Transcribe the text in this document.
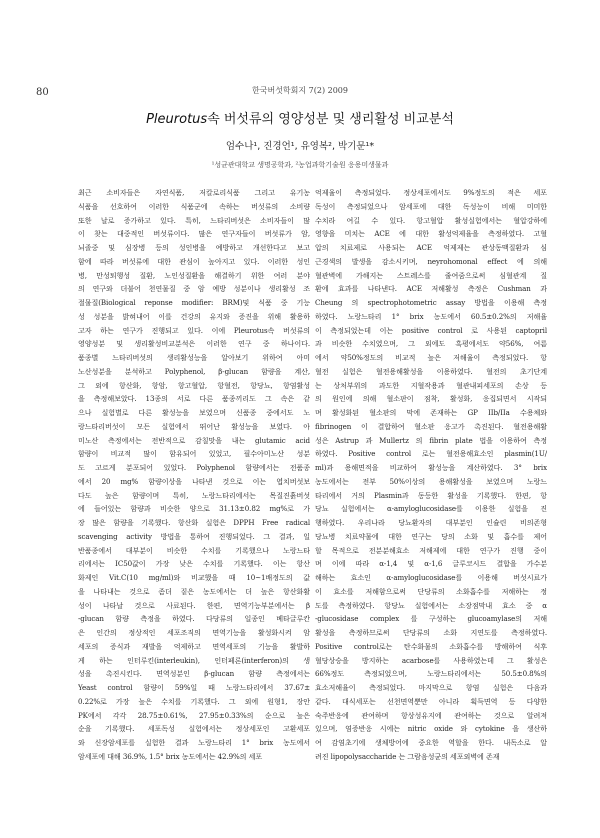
80	한국버섯학회지 7(2) 2009
Pleurotus속 버섯류의 영양성분 및 생리활성 비교분석
엄수나¹, 진경언¹, 유영복², 박기문¹*
¹성균관대학교 생명공학과, ²농업과학기술원 응용미생물과
최근 소비자들은 자연식품, 저칼로리식품 그리고 유기농
식품을 선호하여 이러한 식품군에 속하는 버섯류의 소비량
또한 날로 증가하고 있다. 특히, 느타리버섯은 소비자들이 많
이 찾는 대중적인 버섯류이다. 많은 연구자들이 버섯류가 암,
뇌졸중 및 심장병 등의 성인병을 예방하고 개선한다고 보고
함에 따라 버섯류에 대한 관심이 높아지고 있다. 이러한 성인
병, 만성퇴행성 질환, 노인성질환을 해결하기 위한 여러 분야
의 연구와 더불어 천연물질 중 암 예방 성분이나 생리활성 조
절물질(Biological reponse modifier: BRM)및 식품 중 기능
성 성분을 밝혀내어 이를 건강의 유지와 증진을 위해 활용하
고자 하는 연구가 진행되고 있다. 이에 Pleurotus속 버섯류의
영양성분 및 생리활성비교분석은 이러한 연구 중 하나이다.
품종별 느타리버섯의 생리활성능을 알아보기 위하여 아미
노산성분을 분석하고 Polyphenol, β-glucan 함량을 계산,
그 외에 항산화, 항암, 항고혈압, 항혈전, 항당뇨, 항염활성
을 측정해보았다. 13종의 서로 다른 품종끼리도 그 속은 같
으나 실험별로 다른 활성능을 보였으며 신품종 중에서도 노
랑느타리버섯이 모든 실험에서 뛰어난 활성능을 보였다. 아
미노산 측정에서는 전반적으로 감칠맛을 내는 glutamic acid
함량이 비교적 많이 함유되어 있었고, 필수아미노산 성분
도 고르게 분포되어 있었다. Polyphenol 함량에서는 전품종
에서 20 mg% 함량이상을 나타낸 것으로 이는 엽치버섯보
다도 높은 함량이며 특히, 노랑느타리에서는 목질진흙버섯
에 들어있는 함량과 비슷한 양으로 31.13±0.82 mg%로 가
장 많은 함량을 기록했다. 항산화 실험은 DPPH Free radical
scavenging activity 방법을 통하여 진행되었다. 그 결과, 일
반품종에서 대부분이 비슷한 수치를 기록했으나 노랑느타
리에서는 IC50값이 가장 낮은 수치를 기록했다. 이는 항산
화제인 Vit.C(10 mg/ml)와 비교했을 때 10~1배정도의 값
을 나타내는 것으로 좀더 짙은 농도에서는 더 높은 항산화활
성이 나타날 것으로 사료된다. 한편, 면역기능부분에서는 β
-glucan 함량 측정을 하였다. 다당류의 일종인 베타글루칸
은 인간의 정상적인 세포조직의 면역기능을 활성화시켜 암
세포의 증식과 재발을 억제하고 면역세포의 기능을 활발하
게 하는 인터루킨(interleukin), 인터페론(interferon)의 생
성을 촉진시킨다. 면역성분인 β-glucan 함량 측정에서는
Yeast control 함량이 59%일 때 노랑느타리에서 37.67±
0.22%로 가장 높은 수치를 기록했다. 그 외에 원형1, 장안
PK에서 각각 28.75±0.61%, 27.95±0.33%의 순으로 높은
순을 기록했다. 세포독성 실험에서는 정상세포인 고환세포
와 신장암세포를 실험한 결과 노랑느타리 1° brix 농도에서
암세포에 대해 36.9%, 1.5° brix 농도에서는 42.9%의 세포
억제율이 측정되었다. 정상세포에서도 9%정도의 적은 세포
독성이 측정되었으나 암세포에 대한 독성능이 비해 미미한
수치라 여길 수 있다. 항고혈압 활성실험에서는 혈압강하에
영향을 미치는 ACE 에 대한 활성억제율을 측정하였다. 고혈
압의 치료제로 사용되는 ACE 억제제는 관상동맥질환과 심
근경색의 발생을 감소시키며, neyrohomonal effect 에 의해
혈관벽에 가해지는 스트레스를 줄여줌으로써 심혈관계 질
환에 효과를 나타낸다. ACE 저해활성 측정은 Cushman 과
Cheung 의 spectrophotometric assay 방법을 이용해 측정
하였다. 노랑느타리 1° brix 농도에서 60.5±0.2%의 저해율
이 측정되었는데 이는 positive control 로 사용된 captopril
과 비슷한 수치였으며, 그 외에도 흑평에서도 약56%, 여름
에서 약50%정도의 비교적 높은 저해율이 측정되었다. 항
혈전 실험은 혈전용해활성을 이용하였다. 혈전의 초기단계
는 상처부위의 과도한 지혈작용과 혈관내피세포의 손상 등
의 원인에 의해 혈소판이 점착, 활성화, 응집되면서 시작되
며 활성화된 혈소판의 막에 존재하는 GP IIb/IIa 수용체와
fibrinogen 이 결합하여 혈소판 응고가 촉진된다. 혈전용해활
성은 Astrup 과 Mullertz 의 fibrin plate 법을 이용하여 측정
하였다. Positive control 로는 혈전용해효소인 plasmin(1U/
ml)과 용해면적을 비교하여 활성능을 계산하였다. 3° brix
농도에서는 전부 50%이상의 용해활성을 보였으며 노랑느
타리에서 거의 Plasmin과 동등한 활성을 기록했다. 한편, 항
당뇨 실험에서는 α-amyloglucosidase를 이용한 실험을 진
행하였다. 우리나라 당뇨환자의 대부분인 인슐린 비의존형
당뇨병 치료약물에 대한 연구는 당의 소화 및 흡수를 제어
할 목적으로 전분분해효소 저해제에 대한 연구가 진행 중이
며 이에 따라 α-1,4 및 α-1,6 글루코시드 결합을 가수분
해하는 효소인 α-amyloglucosidase를 이용해 버섯시료가
이 효소를 저해함으로써 단당류의 소화흡수를 저해하는 정
도를 측정하였다. 항당뇨 실험에서는 소장점막내 효소 중 α
-glucosidase complex 를 구성하는 glucoamylase의 저해
활성을 측정하므로써 단당류의 소화 지연도를 측정하였다.
Positive control로는 탄수화물의 소화흡수를 방해하여 식후
혈당상승을 방지하는 acarbose를 사용하였는데 그 활성은
66%정도 측정되었으며, 노랑느타리에서는 50.5±0.8%의
효소저해율이 측정되었다. 마지막으로 항염 실험은 다음과
같다. 대식세포는 선천면역뿐만 아니라 획득면역 등 다양한
숙주반응에 관여하며 항상성유지에 관여하는 것으로 알려져
있으며, 염증반응 시에는 nitric oxide 와 cytokine 을 생산하
여 감염초기에 생체방어에 중요한 역할을 한다. 내독소로 알
려진 lipopolysaccharide 는 그람음성균의 세포외벽에 존재
